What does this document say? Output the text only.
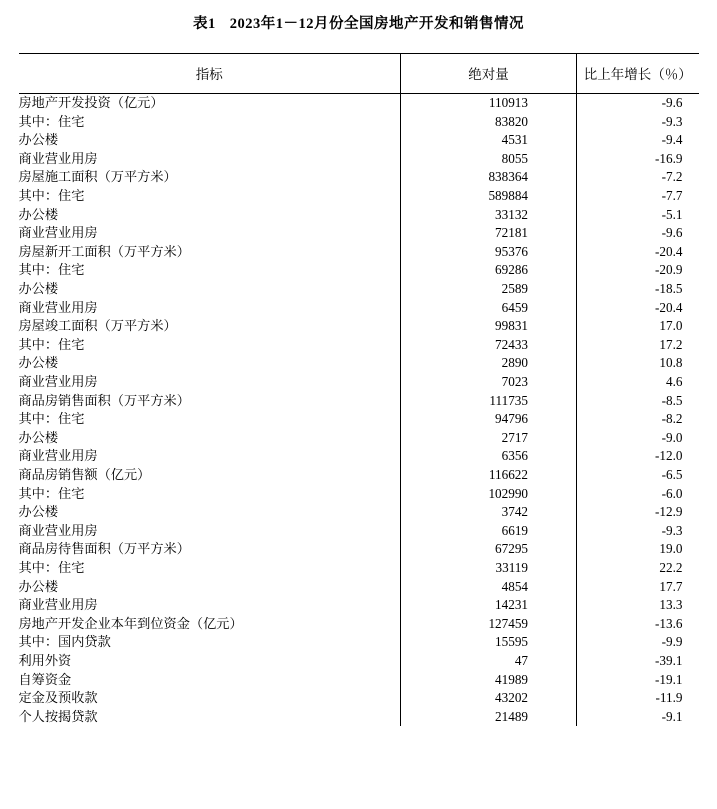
表1 2023年1－12月份全国房地产开发和销售情况
指标	绝对量	比上年增长（％）
房地产开发投资（亿元）	110913	-9.6
其中：住宅	83820	-9.3
办公楼	4531	-9.4
商业营业用房	8055	-16.9
房屋施工面积（万平方米）	838364	-7.2
其中：住宅	589884	-7.7
办公楼	33132	-5.1
商业营业用房	72181	-9.6
房屋新开工面积（万平方米）	95376	-20.4
其中：住宅	69286	-20.9
办公楼	2589	-18.5
商业营业用房	6459	-20.4
房屋竣工面积（万平方米）	99831	17.0
其中：住宅	72433	17.2
办公楼	2890	10.8
商业营业用房	7023	4.6
商品房销售面积（万平方米）	111735	-8.5
其中：住宅	94796	-8.2
办公楼	2717	-9.0
商业营业用房	6356	-12.0
商品房销售额（亿元）	116622	-6.5
其中：住宅	102990	-6.0
办公楼	3742	-12.9
商业营业用房	6619	-9.3
商品房待售面积（万平方米）	67295	19.0
其中：住宅	33119	22.2
办公楼	4854	17.7
商业营业用房	14231	13.3
房地产开发企业本年到位资金（亿元）	127459	-13.6
其中：国内贷款	15595	-9.9
利用外资	47	-39.1
自筹资金	41989	-19.1
定金及预收款	43202	-11.9
个人按揭贷款	21489	-9.1
